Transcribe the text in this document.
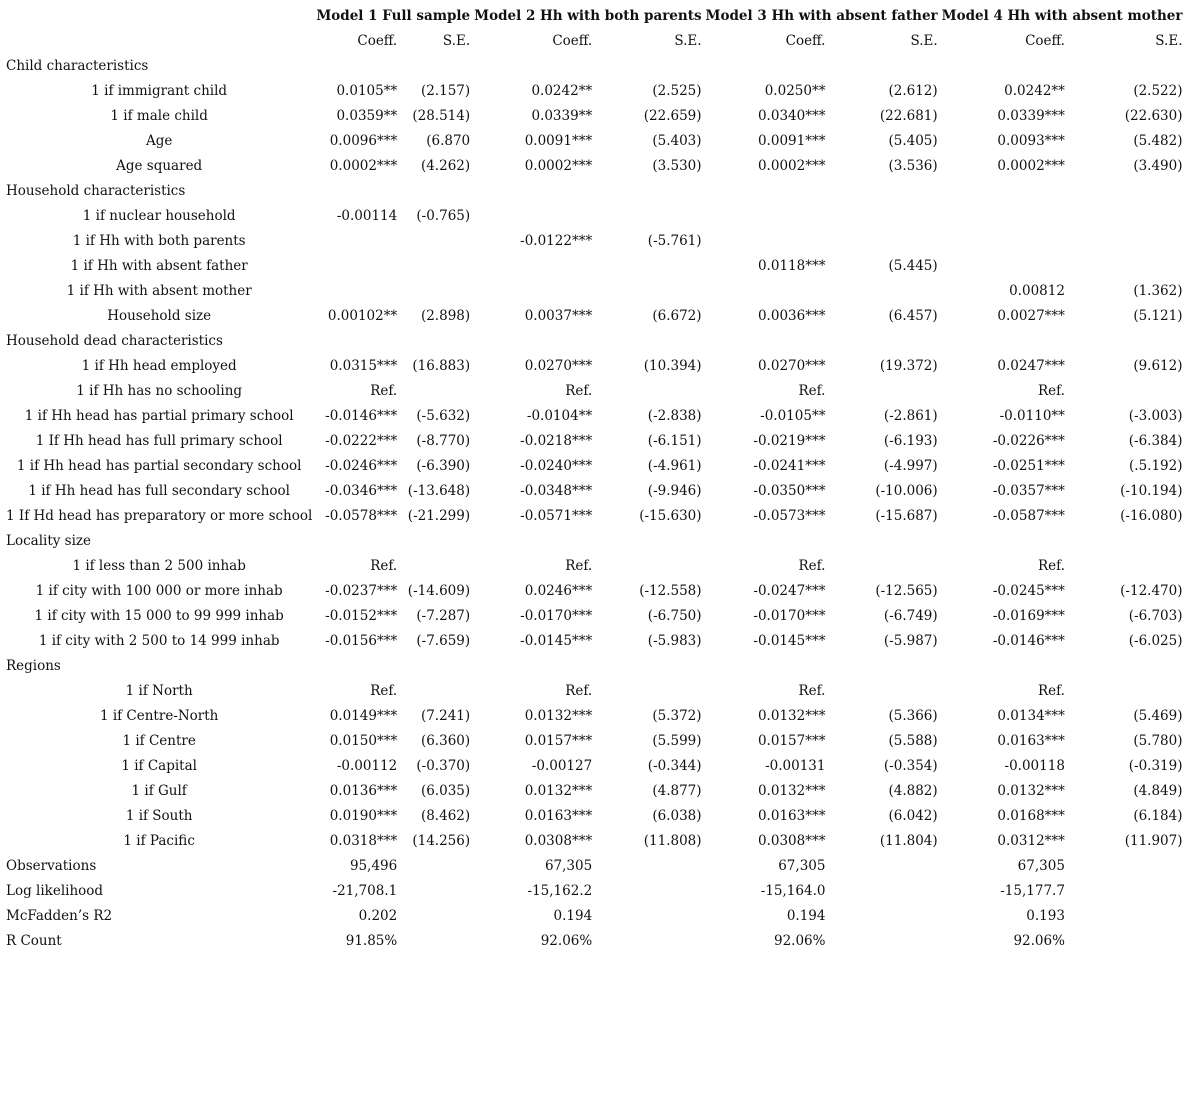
	Model 1 Full sample		Model 2 Hh with both parents		Model 3 Hh with absent father		Model 4 Hh with absent mother	
	Coeff.	S.E.	Coeff.	S.E.	Coeff.	S.E.	Coeff.	S.E.
Child characteristics								
1 if immigrant child	0.0105**	(2.157)	0.0242**	(2.525)	0.0250**	(2.612)	0.0242**	(2.522)
1 if male child	0.0359**	(28.514)	0.0339**	(22.659)	0.0340***	(22.681)	0.0339***	(22.630)
Age	0.0096***	(6.870	0.0091***	(5.403)	0.0091***	(5.405)	0.0093***	(5.482)
Age squared	0.0002***	(4.262)	0.0002***	(3.530)	0.0002***	(3.536)	0.0002***	(3.490)
Household characteristics								
1 if nuclear household	-0.00114	(-0.765)						
1 if Hh with both parents			-0.0122***	(-5.761)				
1 if Hh with absent father					0.0118***	(5.445)		
1 if Hh with absent mother							0.00812	(1.362)
Household size	0.00102**	(2.898)	0.0037***	(6.672)	0.0036***	(6.457)	0.0027***	(5.121)
Household dead characteristics								
1 if Hh head employed	0.0315***	(16.883)	0.0270***	(10.394)	0.0270***	(19.372)	0.0247***	(9.612)
1 if Hh has no schooling	Ref.		Ref.		Ref.		Ref.	
1 if Hh head has partial primary school	-0.0146***	(-5.632)	-0.0104**	(-2.838)	-0.0105**	(-2.861)	-0.0110**	(-3.003)
1 If Hh head has full primary school	-0.0222***	(-8.770)	-0.0218***	(-6.151)	-0.0219***	(-6.193)	-0.0226***	(-6.384)
1 if Hh head has partial secondary school	-0.0246***	(-6.390)	-0.0240***	(-4.961)	-0.0241***	(-4.997)	-0.0251***	(.5.192)
1 if Hh head has full secondary school	-0.0346***	(-13.648)	-0.0348***	(-9.946)	-0.0350***	(-10.006)	-0.0357***	(-10.194)
1 If Hd head has preparatory or more school	-0.0578***	(-21.299)	-0.0571***	(-15.630)	-0.0573***	(-15.687)	-0.0587***	(-16.080)
Locality size								
1 if less than 2 500 inhab	Ref.		Ref.		Ref.		Ref.	
1 if city with 100 000 or more inhab	-0.0237***	(-14.609)	0.0246***	(-12.558)	-0.0247***	(-12.565)	-0.0245***	(-12.470)
1 if city with 15 000 to 99 999 inhab	-0.0152***	(-7.287)	-0.0170***	(-6.750)	-0.0170***	(-6.749)	-0.0169***	(-6.703)
1 if city with 2 500 to 14 999 inhab	-0.0156***	(-7.659)	-0.0145***	(-5.983)	-0.0145***	(-5.987)	-0.0146***	(-6.025)
Regions								
1 if North	Ref.		Ref.		Ref.		Ref.	
1 if Centre-North	0.0149***	(7.241)	0.0132***	(5.372)	0.0132***	(5.366)	0.0134***	(5.469)
1 if Centre	0.0150***	(6.360)	0.0157***	(5.599)	0.0157***	(5.588)	0.0163***	(5.780)
1 if Capital	-0.00112	(-0.370)	-0.00127	(-0.344)	-0.00131	(-0.354)	-0.00118	(-0.319)
1 if Gulf	0.0136***	(6.035)	0.0132***	(4.877)	0.0132***	(4.882)	0.0132***	(4.849)
1 if South	0.0190***	(8.462)	0.0163***	(6.038)	0.0163***	(6.042)	0.0168***	(6.184)
1 if Pacific	0.0318***	(14.256)	0.0308***	(11.808)	0.0308***	(11.804)	0.0312***	(11.907)
Observations	95,496		67,305		67,305		67,305	
Log likelihood	-21,708.1		-15,162.2		-15,164.0		-15,177.7	
McFadden’s R2	0.202		0.194		0.194		0.193	
R Count	91.85%		92.06%		92.06%		92.06%	
